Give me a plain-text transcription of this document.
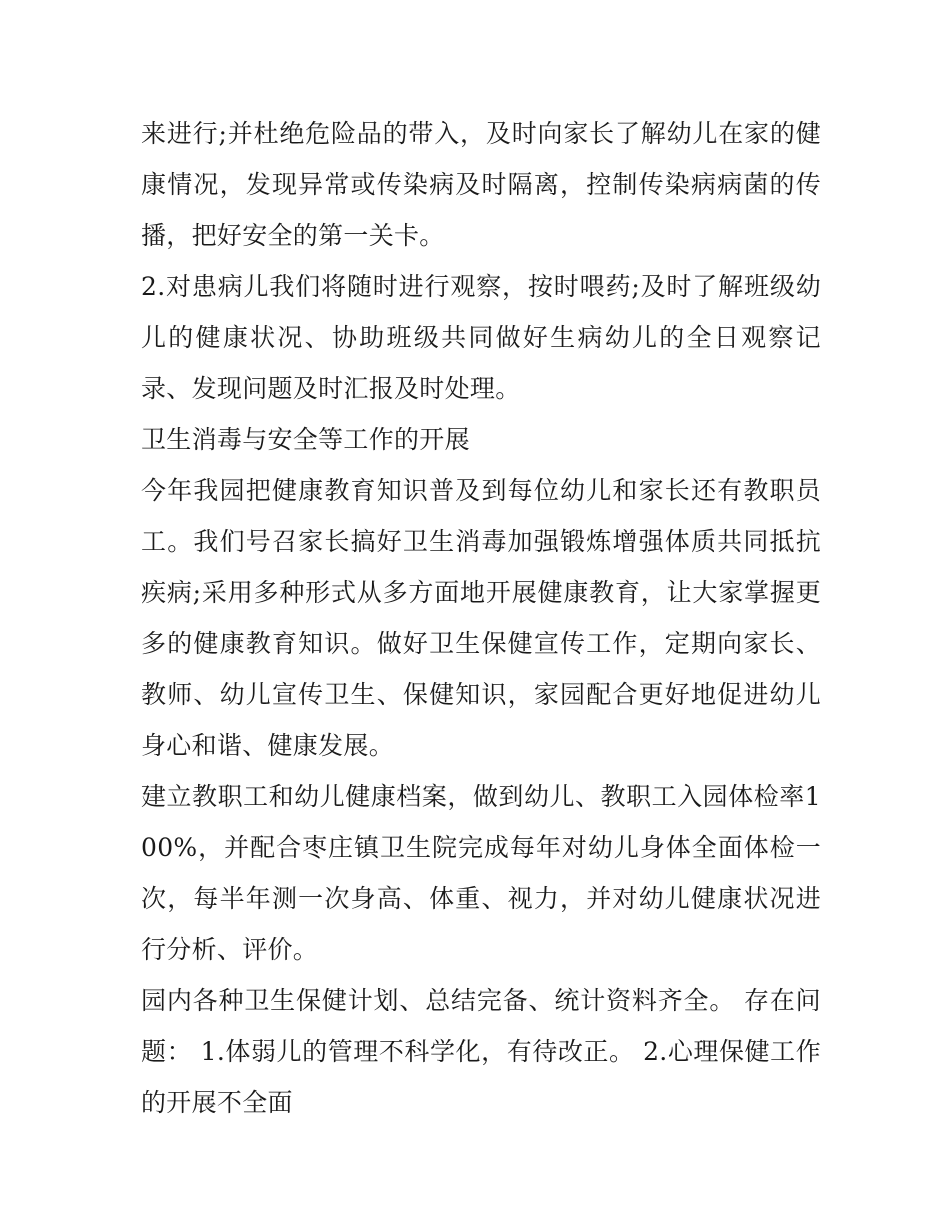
来进行;并杜绝危险品的带入，及时向家长了解幼儿在家的健康情况，发现异常或传染病及时隔离，控制传染病病菌的传播，把好安全的第一关卡。

2.对患病儿我们将随时进行观察，按时喂药;及时了解班级幼儿的健康状况、协助班级共同做好生病幼儿的全日观察记录、发现问题及时汇报及时处理。

卫生消毒与安全等工作的开展

今年我园把健康教育知识普及到每位幼儿和家长还有教职员工。我们号召家长搞好卫生消毒加强锻炼增强体质共同抵抗疾病;采用多种形式从多方面地开展健康教育，让大家掌握更多的健康教育知识。做好卫生保健宣传工作，定期向家长、教师、幼儿宣传卫生、保健知识，家园配合更好地促进幼儿身心和谐、健康发展。

建立教职工和幼儿健康档案，做到幼儿、教职工入园体检率100%，并配合枣庄镇卫生院完成每年对幼儿身体全面体检一次，每半年测一次身高、体重、视力，并对幼儿健康状况进行分析、评价。

园内各种卫生保健计划、总结完备、统计资料齐全。 存在问题： 1.体弱儿的管理不科学化，有待改正。 2.心理保健工作的开展不全面
